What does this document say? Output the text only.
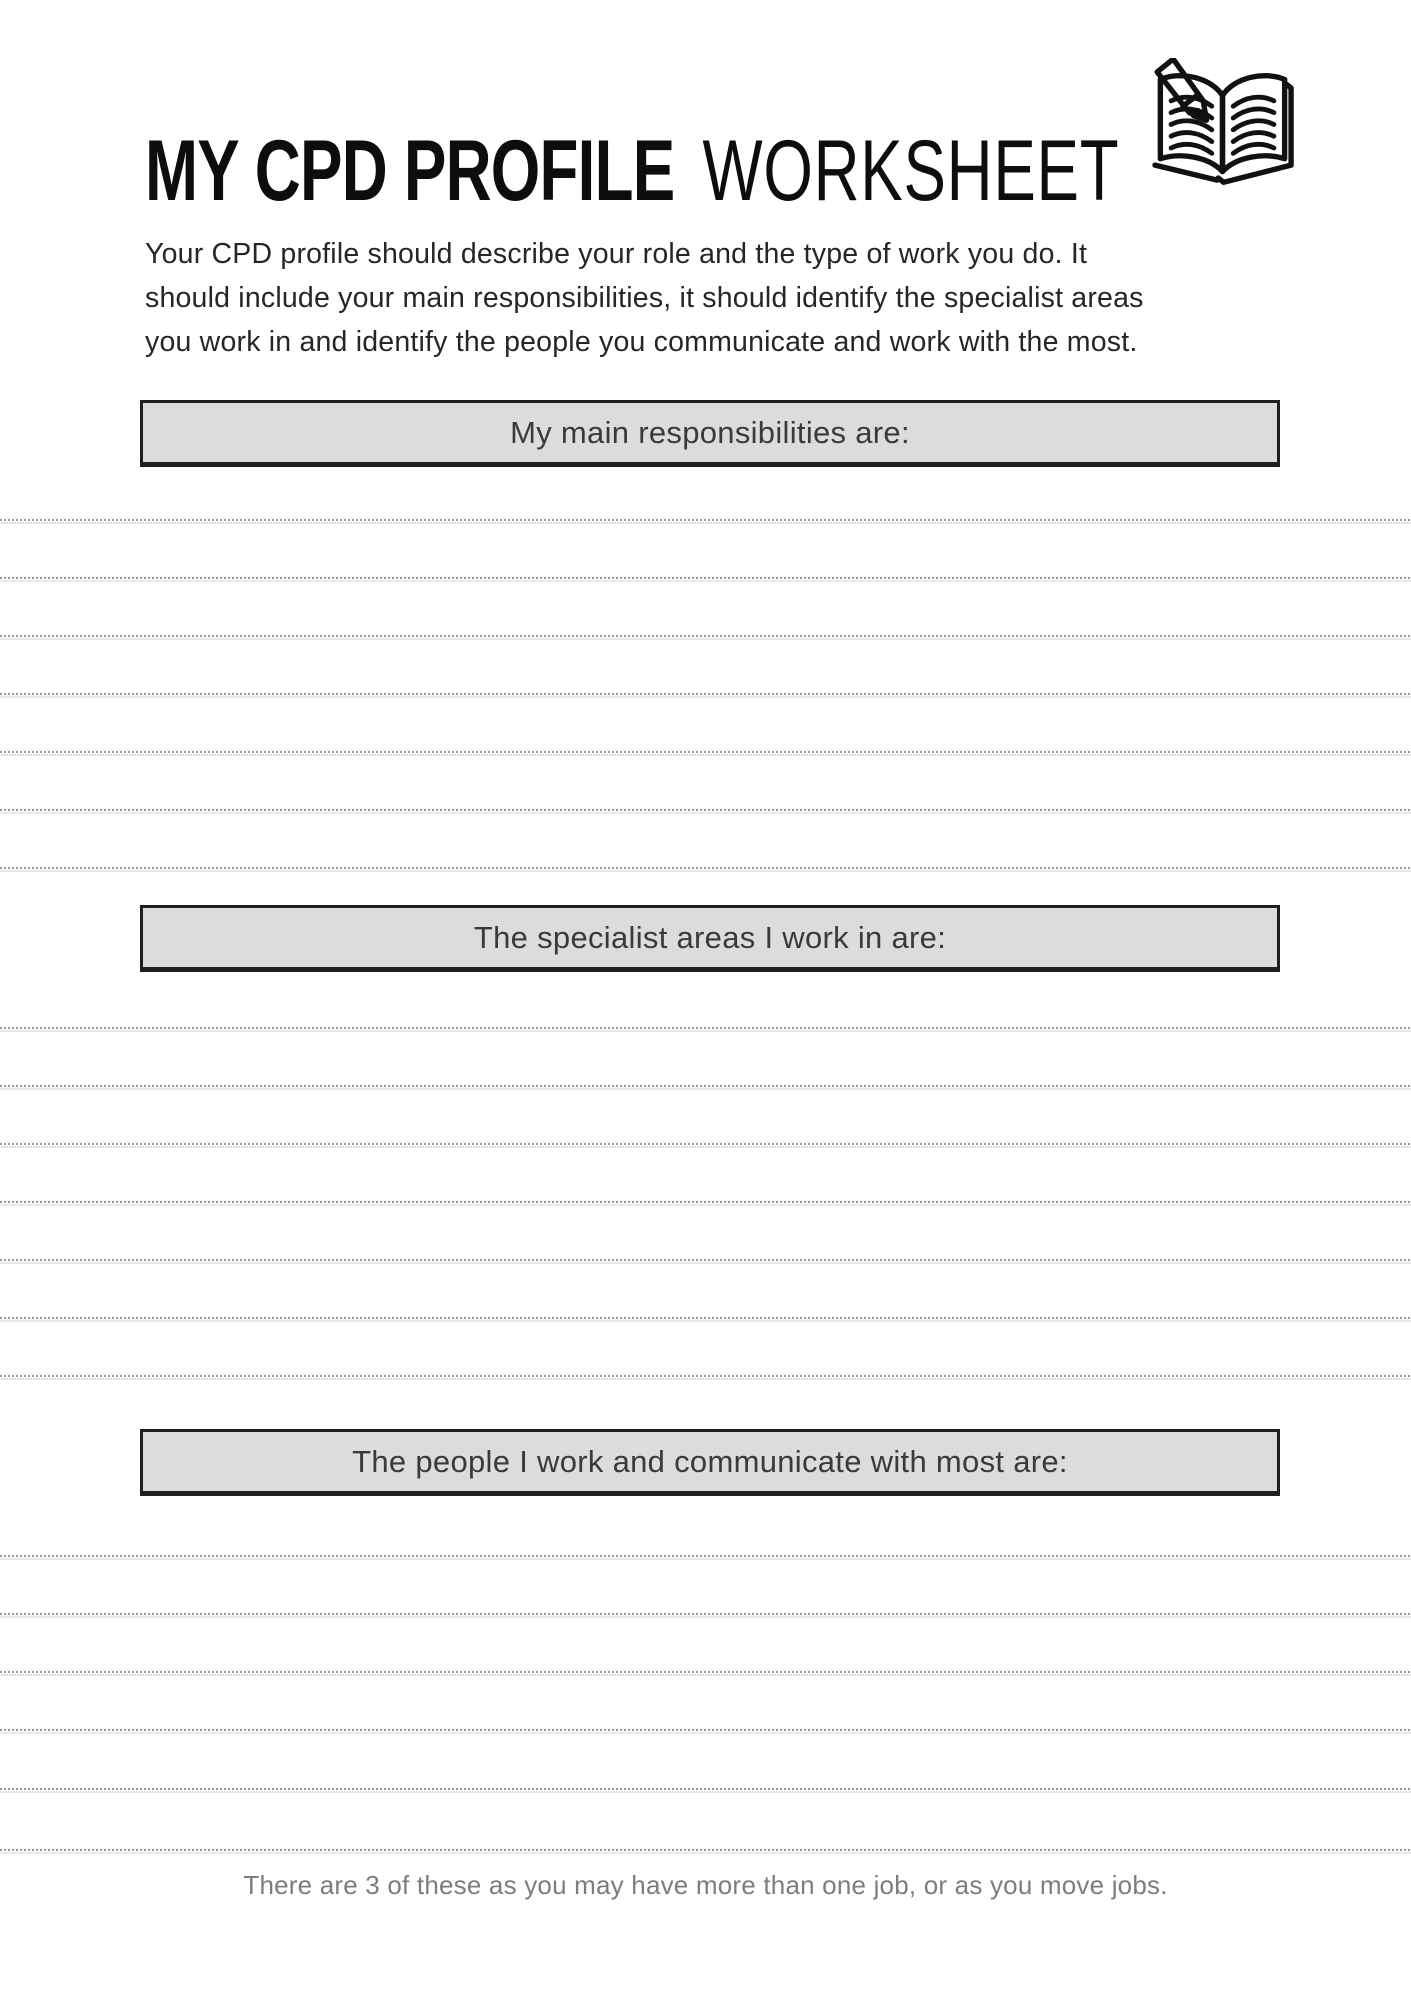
MY CPD PROFILE WORKSHEET
Your CPD profile should describe your role and the type of work you do. It
should include your main responsibilities, it should identify the specialist areas
you work in and identify the people you communicate and work with the most.
My main responsibilities are:
The specialist areas I work in are:
The people I work and communicate with most are:
There are 3 of these as you may have more than one job, or as you move jobs.
